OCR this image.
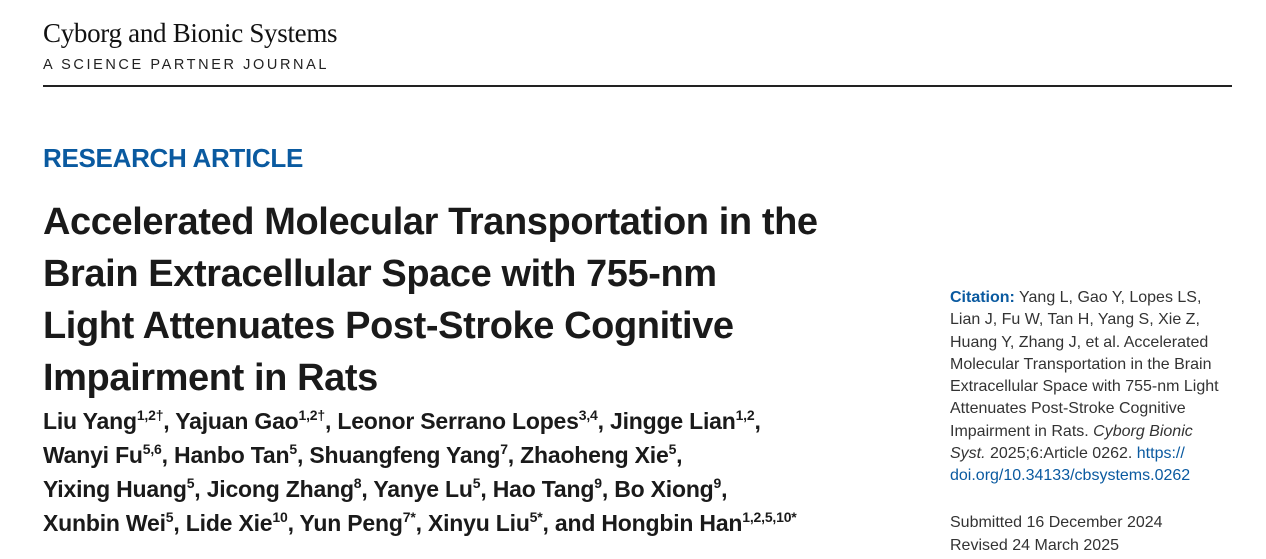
Cyborg and Bionic Systems
A SCIENCE PARTNER JOURNAL
RESEARCH ARTICLE
Accelerated Molecular Transportation in the
Brain Extracellular Space with 755-nm
Light Attenuates Post-Stroke Cognitive
Impairment in Rats
Liu Yang$^{1,2\dagger}$, Yajuan Gao$^{1,2\dagger}$, Leonor Serrano Lopes$^{3,4}$, Jingge Lian$^{1,2}$,
Wanyi Fu$^{5,6}$, Hanbo Tan$^5$, Shuangfeng Yang$^7$, Zhaoheng Xie$^5$,
Yixing Huang$^5$, Jicong Zhang$^8$, Yanye Lu$^5$, Hao Tang$^9$, Bo Xiong$^9$,
Xunbin Wei$^5$, Lide Xie$^{10}$, Yun Peng$^{7*}$, Xinyu Liu$^{5*}$, and Hongbin Han$^{1,2,5,10*}$
Citation: Yang L, Gao Y, Lopes LS,
Lian J, Fu W, Tan H, Yang S, Xie Z,
Huang Y, Zhang J, et al. Accelerated
Molecular Transportation in the Brain
Extracellular Space with 755-nm Light
Attenuates Post-Stroke Cognitive
Impairment in Rats. Cyborg Bionic
Syst. 2025;6:Article 0262. https://
doi.org/10.34133/cbsystems.0262
Submitted 16 December 2024
Revised 24 March 2025
